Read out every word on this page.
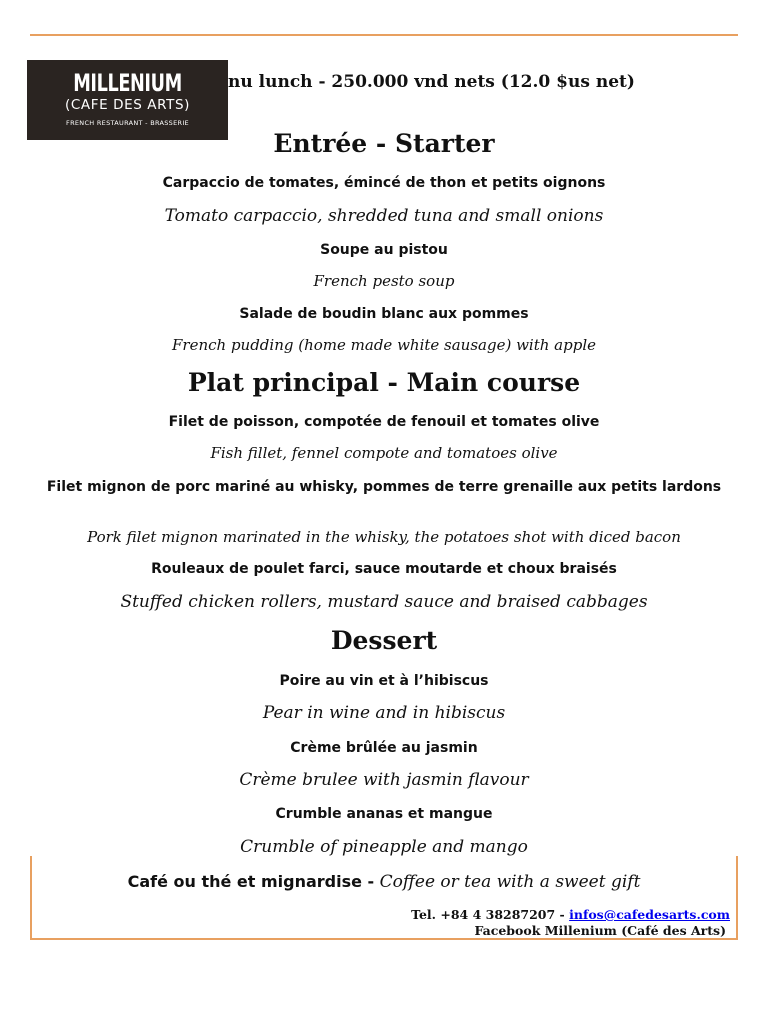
MILLENIUM
(CAFE DES ARTS)
FRENCH RESTAURANT - BRASSERIE
nu lunch - 250.000 vnd nets (12.0 $us net)
Entrée - Starter
Carpaccio de tomates, émincé de thon et petits oignons
Tomato carpaccio, shredded tuna and small onions
Soupe au pistou
French pesto soup
Salade de boudin blanc aux pommes
French pudding (home made white sausage) with apple
Plat principal - Main course
Filet de poisson, compotée de fenouil et tomates olive
Fish fillet, fennel compote and tomatoes olive
Filet mignon de porc mariné au whisky, pommes de terre grenaille aux petits lardons
Pork filet mignon marinated in the whisky, the potatoes shot with diced bacon
Rouleaux de poulet farci, sauce moutarde et choux braisés
Stuffed chicken rollers, mustard sauce and braised cabbages
Dessert
Poire au vin et à l’hibiscus
Pear in wine and in hibiscus
Crème brûlée au jasmin
Crème brulee with jasmin flavour
Crumble ananas et mangue
Crumble of pineapple and mango
Café ou thé et mignardise - Coffee or tea with a sweet gift
Tel. +84 4 38287207 - infos@cafedesarts.com
Facebook Millenium (Café des Arts)
